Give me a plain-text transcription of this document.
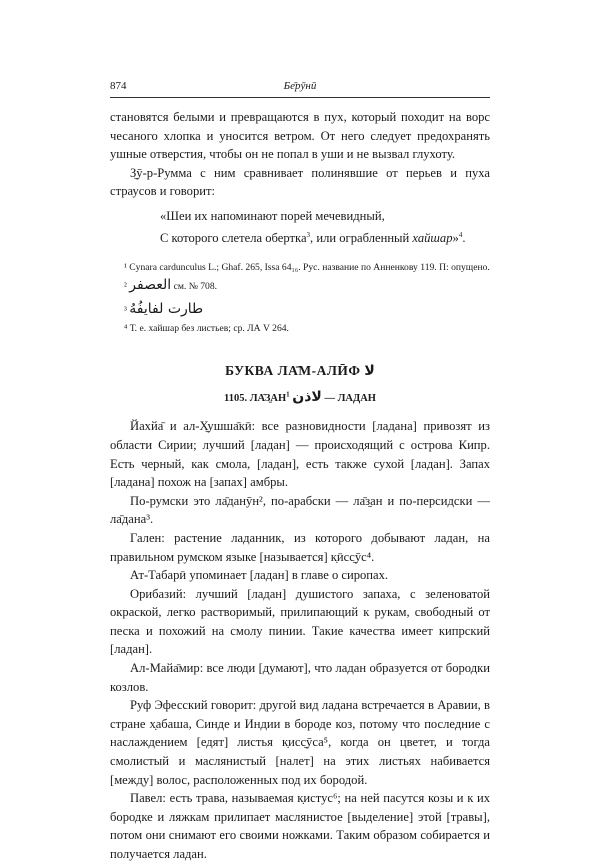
874	Бе̄рӯнӣ

становятся белыми и превращаются в пух, который походит на ворс чесаного хлопка и уносится ветром. От него следует предохранять ушные отверстия, чтобы он не попал в уши и не вызвал глухоту.

З̱ӯ-р-Румма с ним сравнивает полинявшие от перьев и пуха страусов и говорит:

«Шеи их напоминают порей мечевидный,
С которого слетела обертка$^3$, или ограбленный хайшар»$^4$.

¹ Cynara cardunculus L.; Ghaf. 265, Issa 64₁₆. Рус. название по Анненкову 119. П: опущено.

² العصفر см. № 708.
³ طارت لفايفُهُ

⁴ Т. е. хайшар без листьев; ср. ЛА V 264.

БУКВА ЛА̄М-АЛӢФ لا
1105. $ЛА̄З̱АН^1$ لاذن — ЛАДАН

Йахйа̄ и ал-Х̱ушша̄кӣ: все разновидности [ладана] привозят из области Сирии; лучший [ладан] — происходящий с острова Кипр. Есть черный, как смола, [ладан], есть также сухой [ладан]. Запах [ладана] похож на [запах] амбры.

По-румски это ла̄данӯн², по-арабски — ла̄з̱ан и по-персидски — ла̄дана³.

Гален: растение ладанник, из которого добывают ладан, на правильном румском языке [называется] к̣ӣсс̱ӯс⁴.

Ат-Табарӣ упоминает [ладан] в главе о сиропах.

Орибазий: лучший [ладан] душистого запаха, с зеленоватой окраской, легко растворимый, прилипающий к рукам, свободный от песка и похожий на смолу пинии. Такие качества имеет кипрский [ладан].

Ал-Майа̄мир: все люди [думают], что ладан образуется от бородки козлов.

Руф Эфесский говорит: другой вид ладана встречается в Аравии, в стране х̣абаша, Синде и Индии в бороде коз, потому что последние с наслаждением [едят] листья к̣исс̱ӯса⁵, когда он цветет, и тогда смолистый и маслянистый [налет] на этих листьях набивается [между] волос, расположенных под их бородой.

Павел: есть трава, называемая к̣истус⁶; на ней пасутся козы и к их бородке и ляжкам прилипает маслянистое [выделение] этой [травы], потом они снимают его своими ножками. Таким образом собирается и получается ладан.
